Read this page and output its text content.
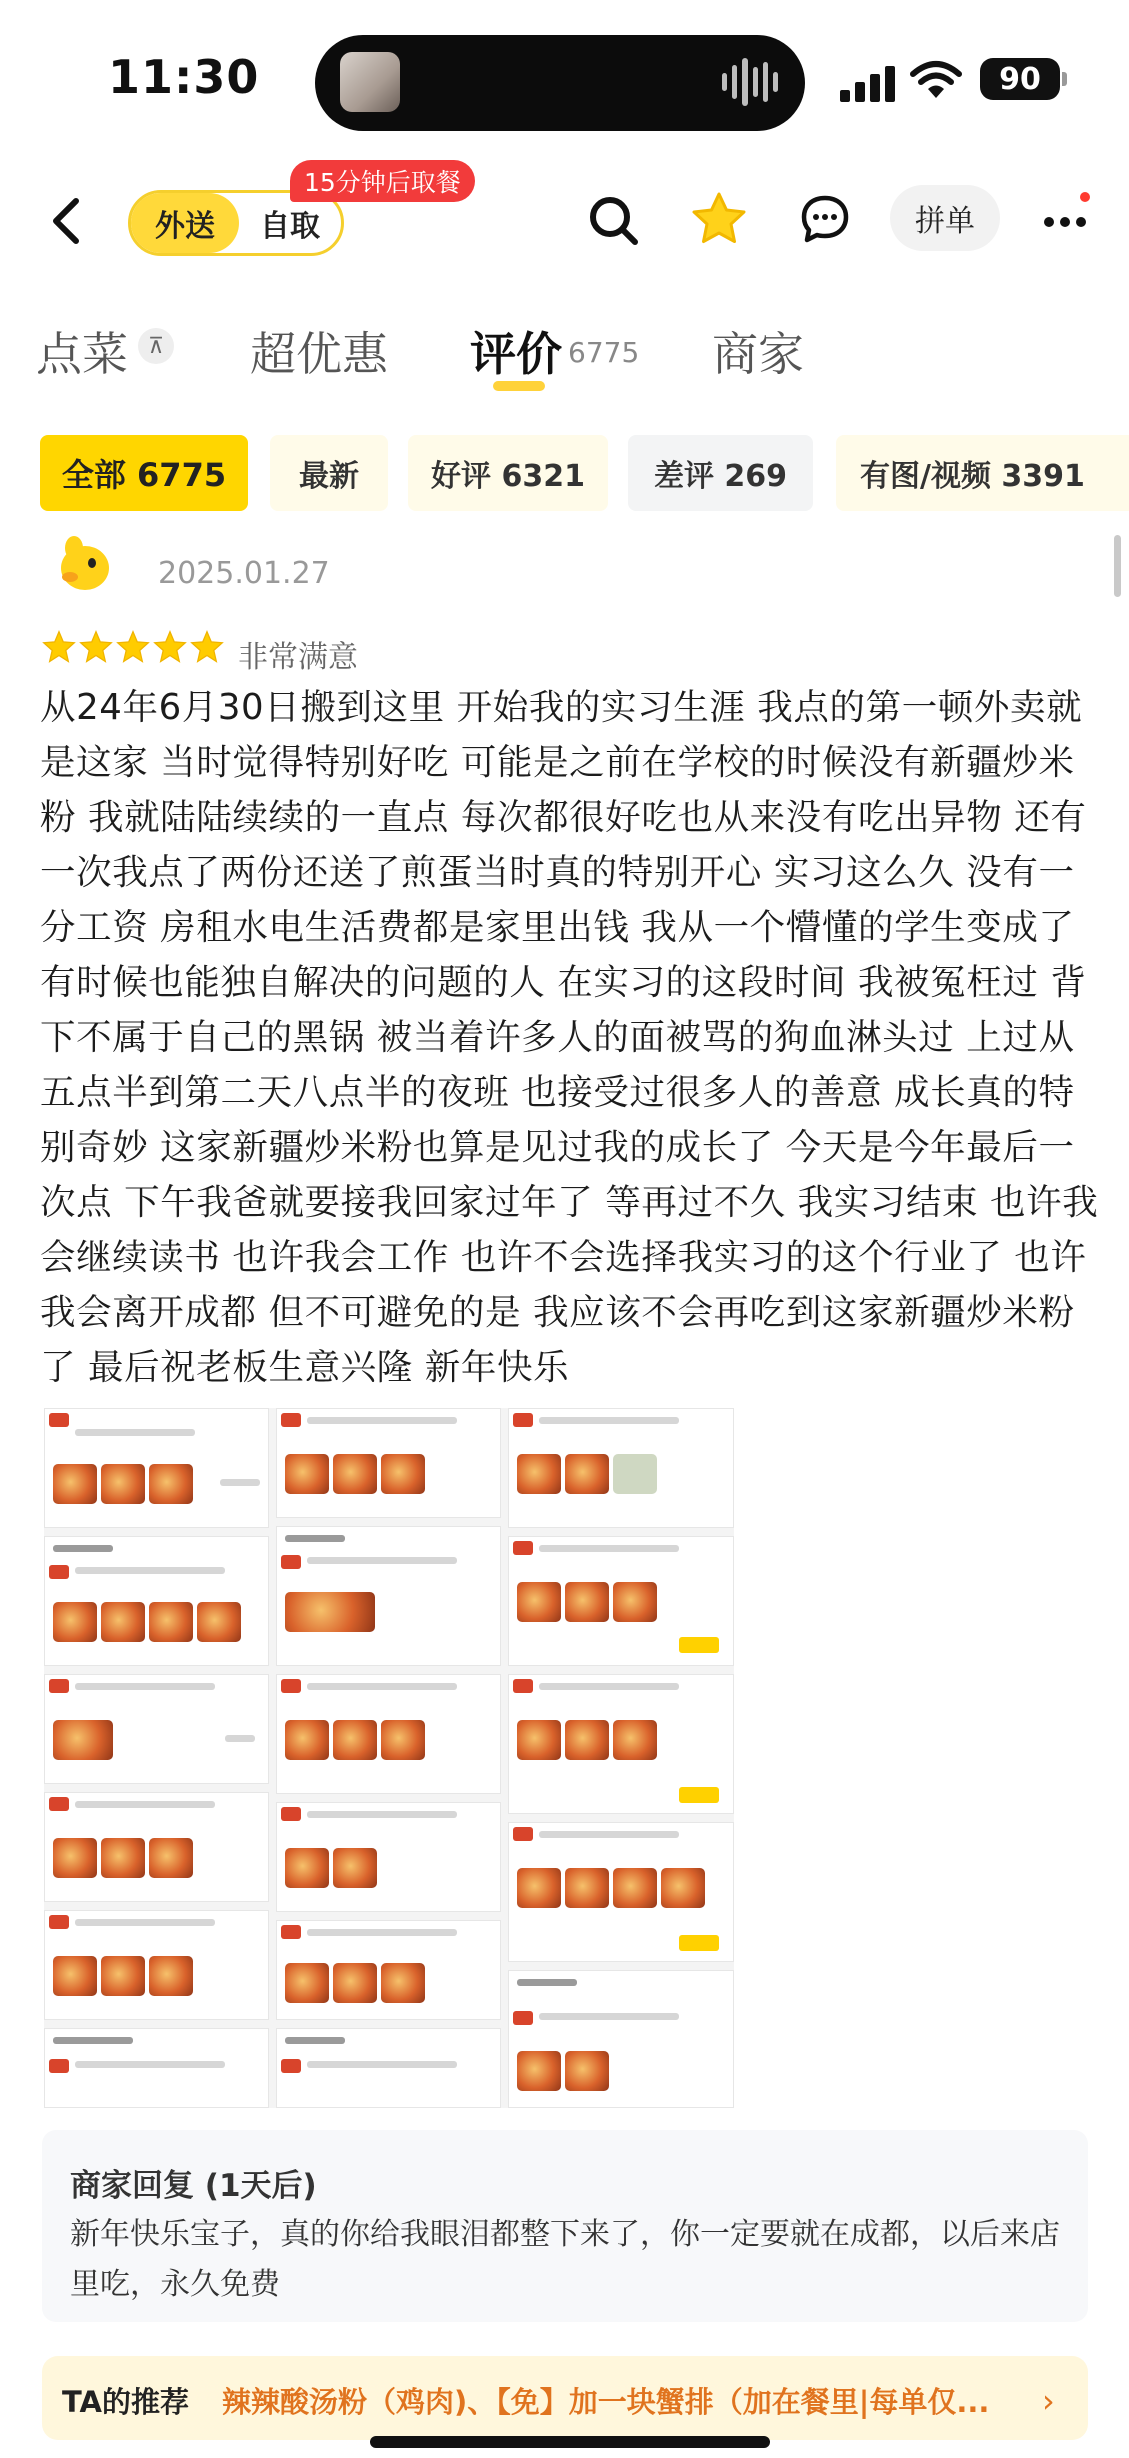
11:30	90
外送	自取
15分钟后取餐
拼单
点菜 ⊼ 超优惠 评价 6775 商家
全部 6775	最新	好评 6321	差评 269	有图/视频 3391
2025.01.27
非常满意
从24年6月30日搬到这里 开始我的实习生涯 我点的第一顿外卖就是这家 当时觉得特别好吃 可能是之前在学校的时候没有新疆炒米粉 我就陆陆续续的一直点 每次都很好吃也从来没有吃出异物 还有一次我点了两份还送了煎蛋当时真的特别开心 实习这么久 没有一分工资 房租水电生活费都是家里出钱 我从一个懵懂的学生变成了有时候也能独自解决的问题的人 在实习的这段时间 我被冤枉过 背下不属于自己的黑锅 被当着许多人的面被骂的狗血淋头过 上过从五点半到第二天八点半的夜班 也接受过很多人的善意 成长真的特别奇妙 这家新疆炒米粉也算是见过我的成长了 今天是今年最后一次点 下午我爸就要接我回家过年了 等再过不久 我实习结束 也许我会继续读书 也许我会工作 也许不会选择我实习的这个行业了 也许我会离开成都 但不可避免的是 我应该不会再吃到这家新疆炒米粉了 最后祝老板生意兴隆 新年快乐
商家回复 (1天后)
新年快乐宝子，真的你给我眼泪都整下来了，你一定要就在成都，以后来店里吃，永久免费
TA的推荐 辣辣酸汤粉（鸡肉)、【免】加一块蟹排（加在餐里|每单仅...	›
